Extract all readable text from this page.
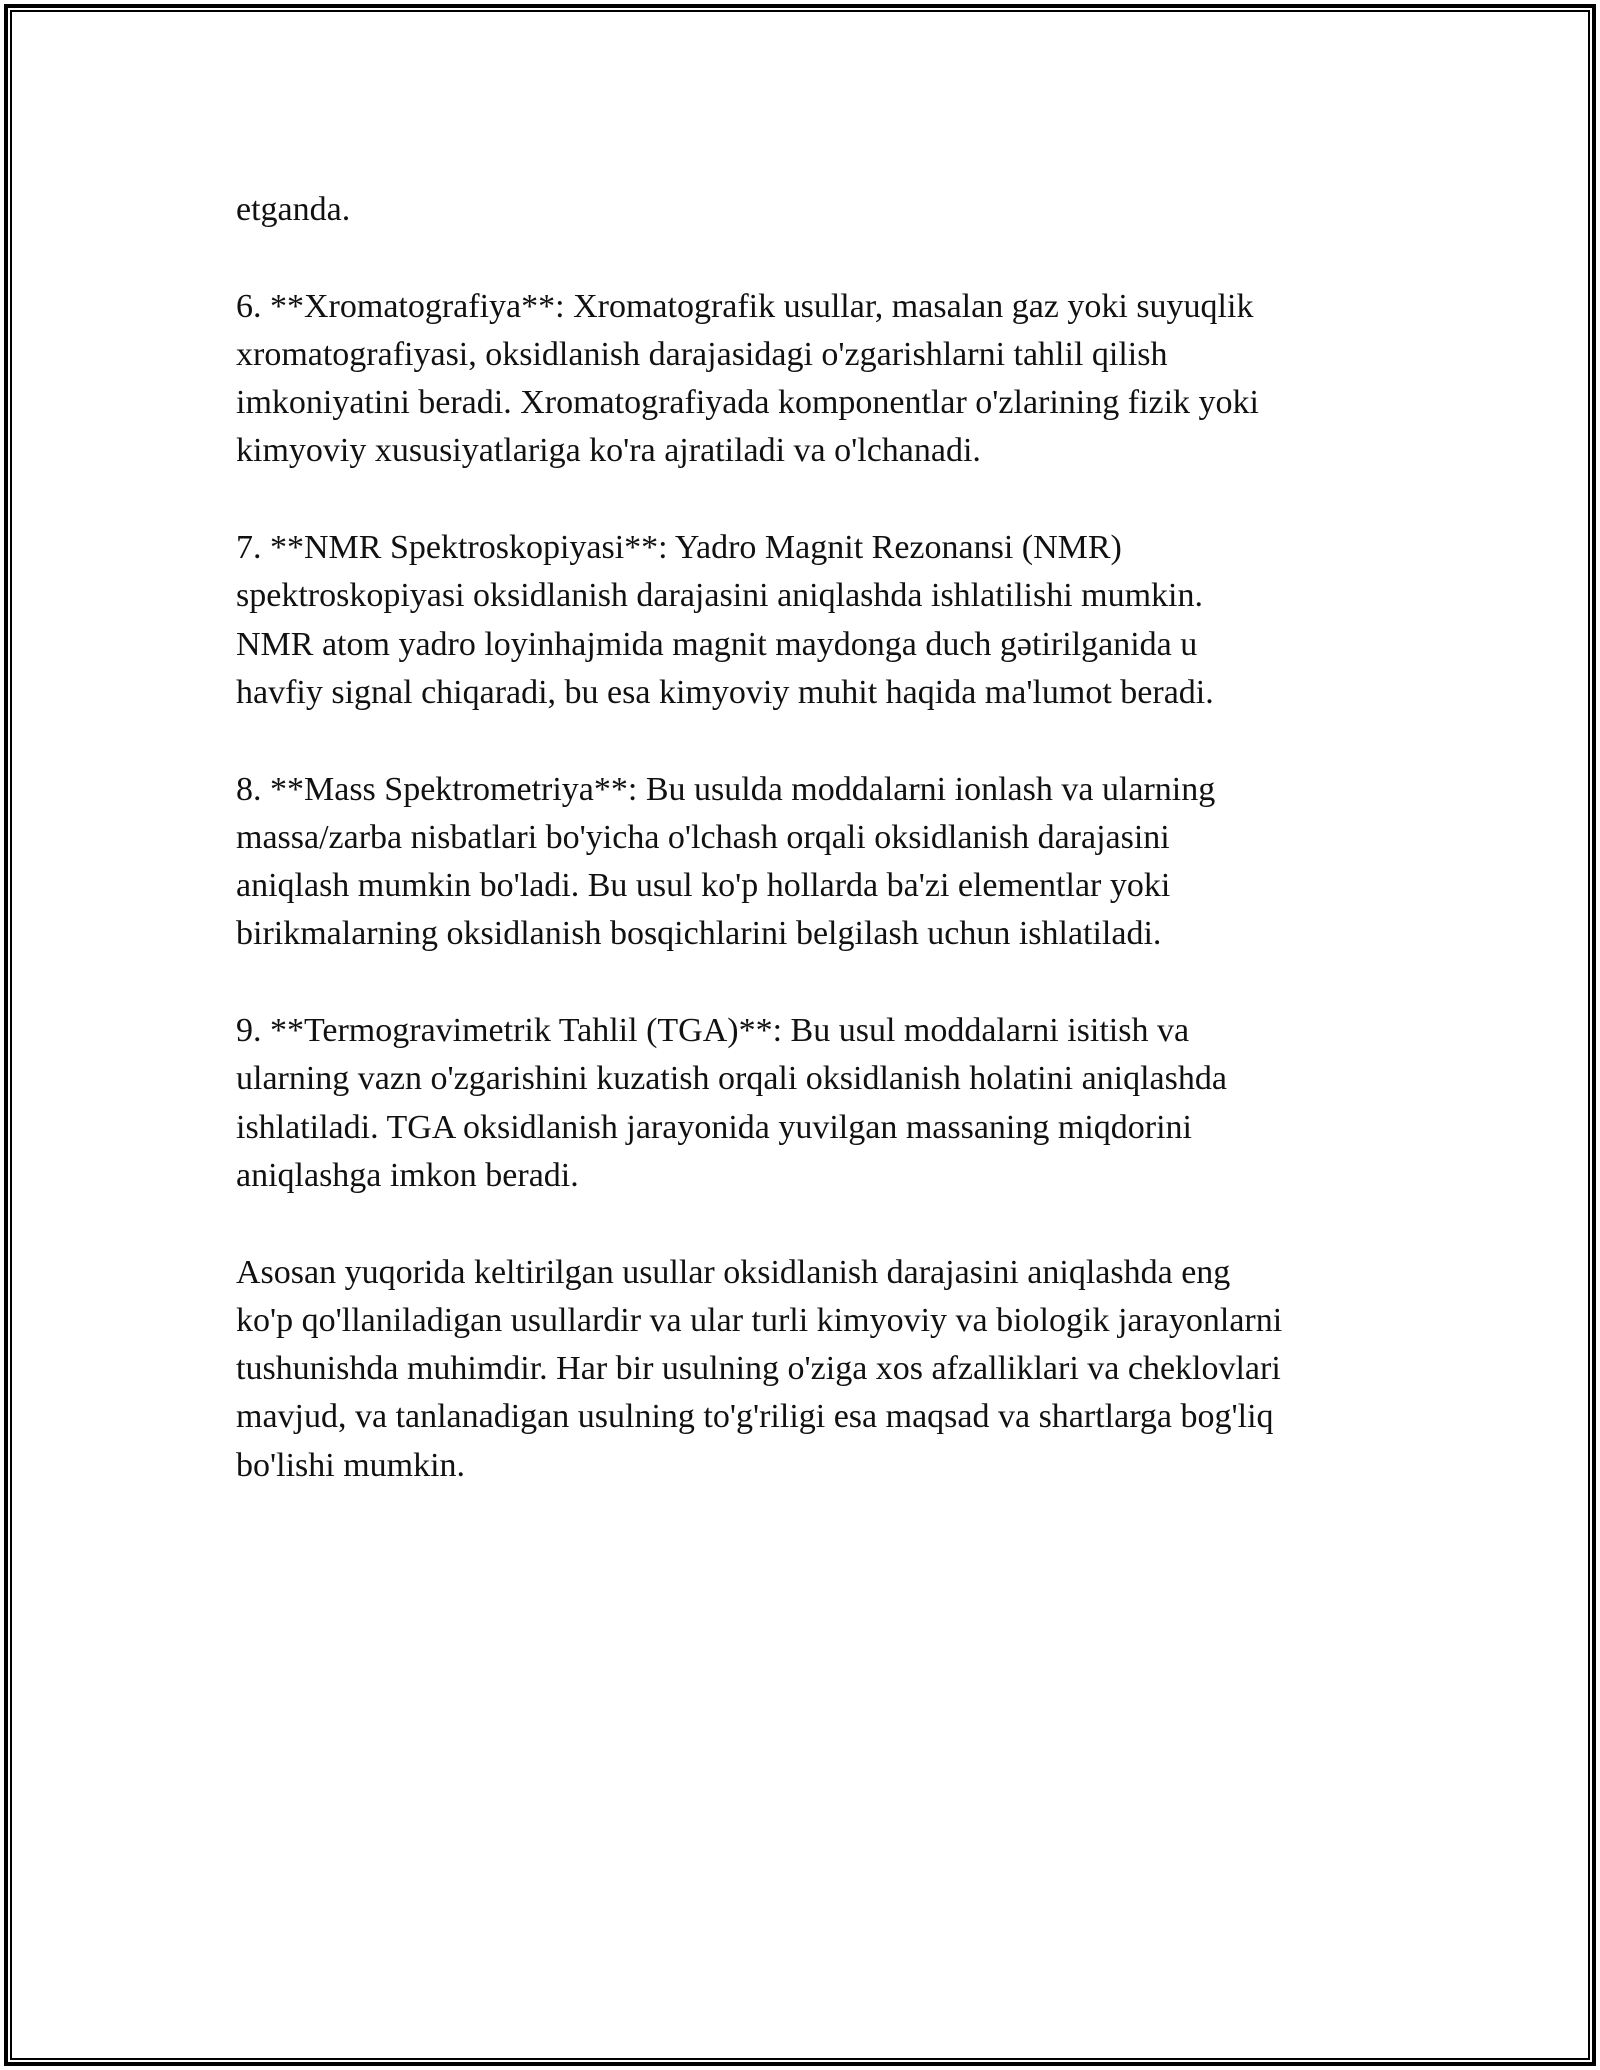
etganda.

6. **Xromatografiya**: Xromatografik usullar, masalan gaz yoki suyuqlik
xromatografiyasi, oksidlanish darajasidagi o'zgarishlarni tahlil qilish
imkoniyatini beradi. Xromatografiyada komponentlar o'zlarining fizik yoki
kimyoviy xususiyatlariga ko'ra ajratiladi va o'lchanadi.

7. **NMR Spektroskopiyasi**: Yadro Magnit Rezonansi (NMR)
spektroskopiyasi oksidlanish darajasini aniqlashda ishlatilishi mumkin.
NMR atom yadro loyinhajmida magnit maydonga duch gətirilganida u
havfiy signal chiqaradi, bu esa kimyoviy muhit haqida ma'lumot beradi.

8. **Mass Spektrometriya**: Bu usulda moddalarni ionlash va ularning
massa/zarba nisbatlari bo'yicha o'lchash orqali oksidlanish darajasini
aniqlash mumkin bo'ladi. Bu usul ko'p hollarda ba'zi elementlar yoki
birikmalarning oksidlanish bosqichlarini belgilash uchun ishlatiladi.

9. **Termogravimetrik Tahlil (TGA)**: Bu usul moddalarni isitish va
ularning vazn o'zgarishini kuzatish orqali oksidlanish holatini aniqlashda
ishlatiladi. TGA oksidlanish jarayonida yuvilgan massaning miqdorini
aniqlashga imkon beradi.

Asosan yuqorida keltirilgan usullar oksidlanish darajasini aniqlashda eng
ko'p qo'llaniladigan usullardir va ular turli kimyoviy va biologik jarayonlarni
tushunishda muhimdir. Har bir usulning o'ziga xos afzalliklari va cheklovlari
mavjud, va tanlanadigan usulning to'g'riligi esa maqsad va shartlarga bog'liq
bo'lishi mumkin.
